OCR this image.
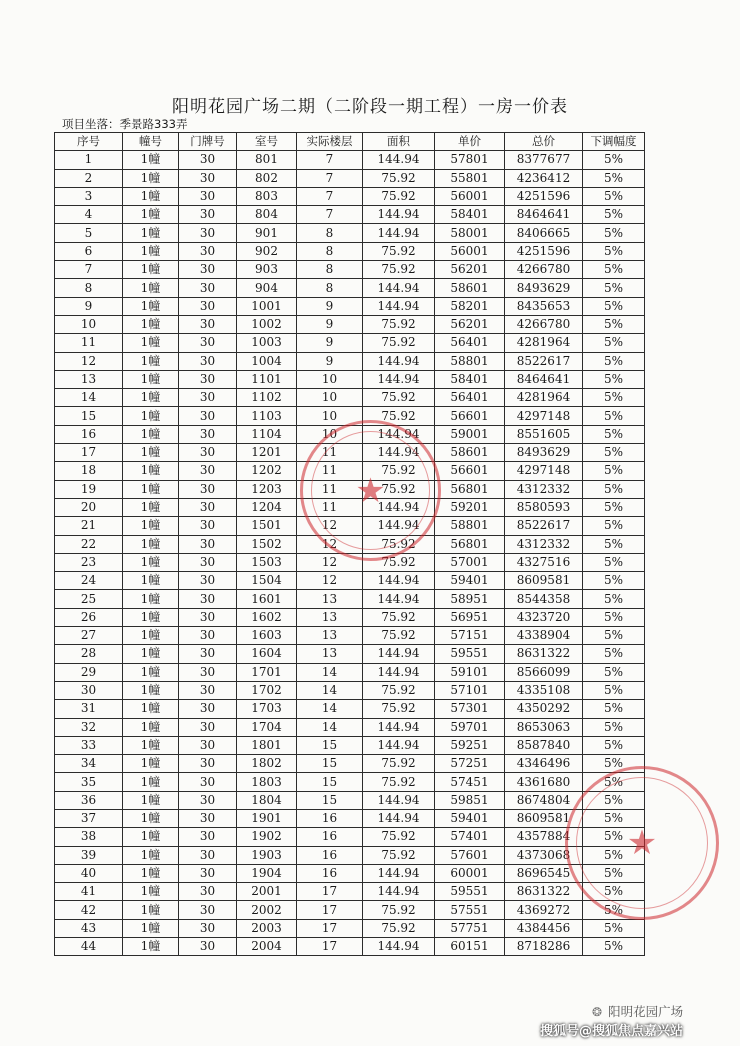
阳明花园广场二期（二阶段一期工程）一房一价表
项目坐落：季景路333弄
序号	幢号	门牌号	室号	实际楼层	面积	单价	总价	下调幅度
1	1幢	30	801	7	144.94	57801	8377677	5%
2	1幢	30	802	7	75.92	55801	4236412	5%
3	1幢	30	803	7	75.92	56001	4251596	5%
4	1幢	30	804	7	144.94	58401	8464641	5%
5	1幢	30	901	8	144.94	58001	8406665	5%
6	1幢	30	902	8	75.92	56001	4251596	5%
7	1幢	30	903	8	75.92	56201	4266780	5%
8	1幢	30	904	8	144.94	58601	8493629	5%
9	1幢	30	1001	9	144.94	58201	8435653	5%
10	1幢	30	1002	9	75.92	56201	4266780	5%
11	1幢	30	1003	9	75.92	56401	4281964	5%
12	1幢	30	1004	9	144.94	58801	8522617	5%
13	1幢	30	1101	10	144.94	58401	8464641	5%
14	1幢	30	1102	10	75.92	56401	4281964	5%
15	1幢	30	1103	10	75.92	56601	4297148	5%
16	1幢	30	1104	10	144.94	59001	8551605	5%
17	1幢	30	1201	11	144.94	58601	8493629	5%
18	1幢	30	1202	11	75.92	56601	4297148	5%
19	1幢	30	1203	11	75.92	56801	4312332	5%
20	1幢	30	1204	11	144.94	59201	8580593	5%
21	1幢	30	1501	12	144.94	58801	8522617	5%
22	1幢	30	1502	12	75.92	56801	4312332	5%
23	1幢	30	1503	12	75.92	57001	4327516	5%
24	1幢	30	1504	12	144.94	59401	8609581	5%
25	1幢	30	1601	13	144.94	58951	8544358	5%
26	1幢	30	1602	13	75.92	56951	4323720	5%
27	1幢	30	1603	13	75.92	57151	4338904	5%
28	1幢	30	1604	13	144.94	59551	8631322	5%
29	1幢	30	1701	14	144.94	59101	8566099	5%
30	1幢	30	1702	14	75.92	57101	4335108	5%
31	1幢	30	1703	14	75.92	57301	4350292	5%
32	1幢	30	1704	14	144.94	59701	8653063	5%
33	1幢	30	1801	15	144.94	59251	8587840	5%
34	1幢	30	1802	15	75.92	57251	4346496	5%
35	1幢	30	1803	15	75.92	57451	4361680	5%
36	1幢	30	1804	15	144.94	59851	8674804	5%
37	1幢	30	1901	16	144.94	59401	8609581	5%
38	1幢	30	1902	16	75.92	57401	4357884	5%
39	1幢	30	1903	16	75.92	57601	4373068	5%
40	1幢	30	1904	16	144.94	60001	8696545	5%
41	1幢	30	2001	17	144.94	59551	8631322	5%
42	1幢	30	2002	17	75.92	57551	4369272	5%
43	1幢	30	2003	17	75.92	57751	4384456	5%
44	1幢	30	2004	17	144.94	60151	8718286	5%
★
★
❂ 阳明花园广场
搜狐号@搜狐焦点嘉兴站
